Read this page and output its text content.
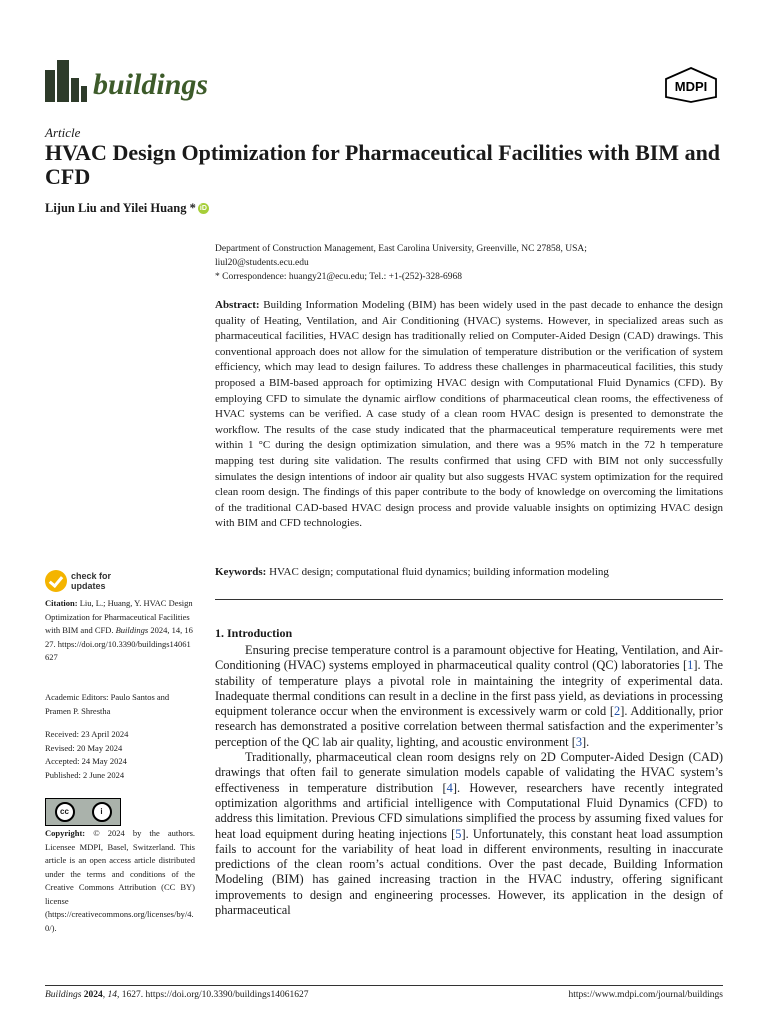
buildings	MDPI
Article
HVAC Design Optimization for Pharmaceutical Facilities with BIM and CFD
Lijun Liu and Yilei Huang * iD
Department of Construction Management, East Carolina University, Greenville, NC 27858, USA;
liul20@students.ecu.edu
* Correspondence: huangy21@ecu.edu; Tel.: +1-(252)-328-6968
Abstract: Building Information Modeling (BIM) has been widely used in the past decade to enhance the design quality of Heating, Ventilation, and Air Conditioning (HVAC) systems. However, in specialized areas such as pharmaceutical facilities, HVAC design has traditionally relied on Computer-Aided Design (CAD) drawings. This conventional approach does not allow for the simulation of temperature distribution or the verification of system efficiency, which may lead to design failures. To address these challenges in pharmaceutical facilities, this study proposed a BIM-based approach for optimizing HVAC design with Computational Fluid Dynamics (CFD). By employing CFD to simulate the dynamic airflow conditions of pharmaceutical clean rooms, the effectiveness of HVAC systems can be verified. A case study of a clean room HVAC design is presented to demonstrate the workflow. The results of the case study indicated that the pharmaceutical temperature requirements were met within 1 °C during the design optimization simulation, and there was a 95% match in the 72 h temperature mapping test during site validation. The results confirmed that using CFD with BIM not only successfully simulates the design intentions of indoor air quality but also suggests HVAC system optimization for the required clean room design. The findings of this paper contribute to the body of knowledge on overcoming the limitations of the traditional CAD-based HVAC design process and provide valuable insights on optimizing HVAC design with BIM and CFD technologies.
Keywords: HVAC design; computational fluid dynamics; building information modeling
check for
updates
Citation: Liu, L.; Huang, Y. HVAC Design Optimization for Pharmaceutical Facilities with BIM and CFD. Buildings 2024, 14, 1627. https://doi.org/10.3390/buildings14061627
Academic Editors: Paulo Santos and Pramen P. Shrestha
Received: 23 April 2024
Revised: 20 May 2024
Accepted: 24 May 2024
Published: 2 June 2024
cc	i
Copyright: © 2024 by the authors. Licensee MDPI, Basel, Switzerland. This article is an open access article distributed under the terms and conditions of the Creative Commons Attribution (CC BY) license (https://creativecommons.org/licenses/by/4.0/).
1. Introduction

Ensuring precise temperature control is a paramount objective for Heating, Ventilation, and Air-Conditioning (HVAC) systems employed in pharmaceutical quality control (QC) laboratories [1]. The stability of temperature plays a pivotal role in maintaining the integrity of experimental data. Inadequate thermal conditions can result in a decline in the first pass yield, as deviations in processing equipment tolerance occur when the environment is excessively warm or cold [2]. Additionally, prior research has demonstrated a positive correlation between thermal satisfaction and the experimenter’s perception of the QC lab air quality, lighting, and acoustic environment [3].

Traditionally, pharmaceutical clean room designs rely on 2D Computer-Aided Design (CAD) drawings that often fail to generate simulation models capable of validating the HVAC system’s effectiveness in temperature distribution [4]. However, researchers have recently integrated optimization algorithms and artificial intelligence with Computational Fluid Dynamics (CFD) to address this limitation. Previous CFD simulations simplified the process by assuming fixed values for heat load equipment during heating injections [5]. Unfortunately, this constant heat load assumption fails to account for the variability of heat load in different environments, resulting in inaccurate predictions of the clean room’s actual conditions. Over the past decade, Building Information Modeling (BIM) has gained increasing traction in the HVAC industry, offering significant improvements to design and engineering processes. However, its application in the design of pharmaceutical

Buildings 2024, 14, 1627. https://doi.org/10.3390/buildings14061627	https://www.mdpi.com/journal/buildings
